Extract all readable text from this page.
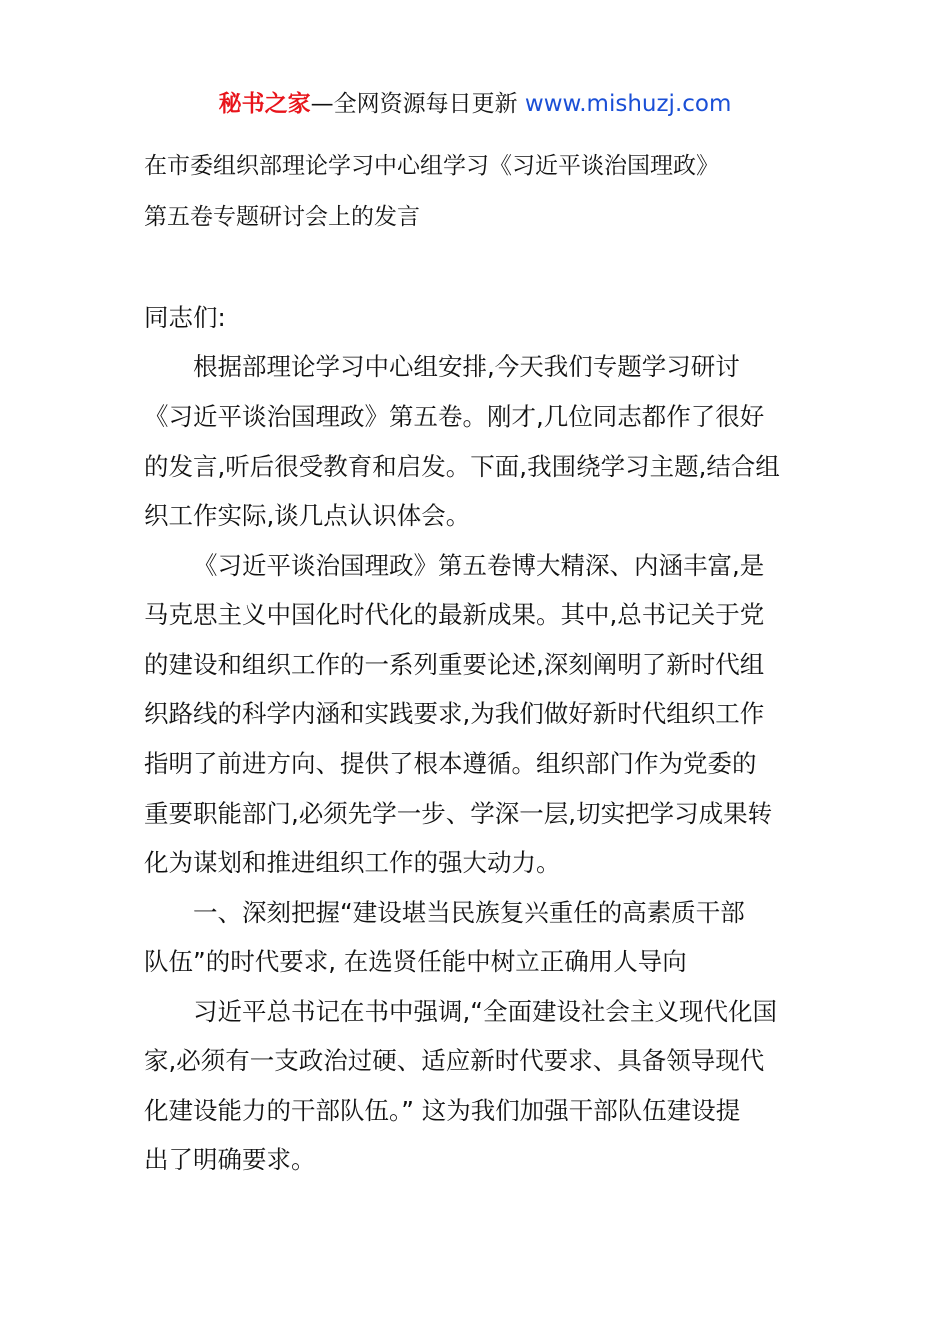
秘书之家—全网资源每日更新 www.mishuzj.com
在市委组织部理论学习中心组学习《习近平谈治国理政》
第五卷专题研讨会上的发言
同志们:
根据部理论学习中心组安排,今天我们专题学习研讨
《习近平谈治国理政》第五卷。刚才,几位同志都作了很好
的发言,听后很受教育和启发。下面,我围绕学习主题,结合组
织工作实际,谈几点认识体会。
《习近平谈治国理政》第五卷博大精深、内涵丰富,是
马克思主义中国化时代化的最新成果。其中,总书记关于党
的建设和组织工作的一系列重要论述,深刻阐明了新时代组
织路线的科学内涵和实践要求,为我们做好新时代组织工作
指明了前进方向、提供了根本遵循。组织部门作为党委的
重要职能部门,必须先学一步、学深一层,切实把学习成果转
化为谋划和推进组织工作的强大动力。
一、深刻把握“建设堪当民族复兴重任的高素质干部
队伍”的时代要求, 在选贤任能中树立正确用人导向
习近平总书记在书中强调,“全面建设社会主义现代化国
家,必须有一支政治过硬、适应新时代要求、具备领导现代
化建设能力的干部队伍。” 这为我们加强干部队伍建设提
出了明确要求。
